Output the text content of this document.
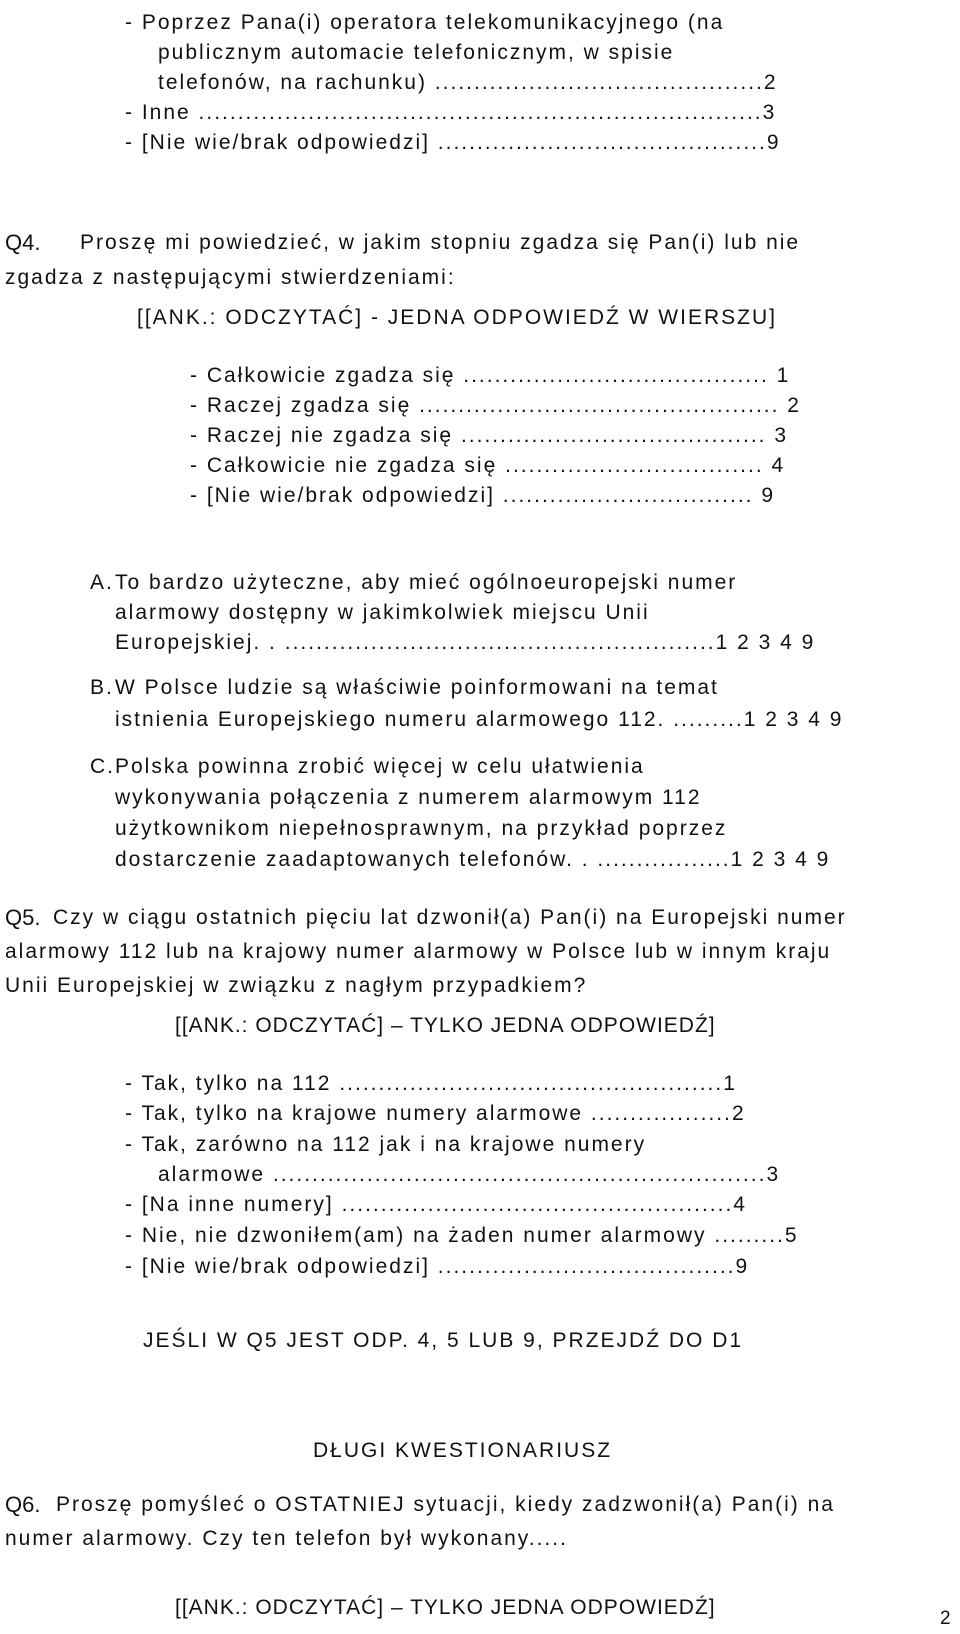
- Poprzez Pana(i) operatora telekomunikacyjnego (na
publicznym automacie telefonicznym, w spisie
telefonów, na rachunku) ..........................................2
- Inne ........................................................................3
- [Nie wie/brak odpowiedzi] ..........................................9
Q4. Proszę mi powiedzieć, w jakim stopniu zgadza się Pan(i) lub nie
zgadza z następującymi stwierdzeniami:
[[ANK.: ODCZYTAĆ] - JEDNA ODPOWIEDŹ W WIERSZU]
- Całkowicie zgadza się ....................................... 1
- Raczej zgadza się .............................................. 2
- Raczej nie zgadza się ....................................... 3
- Całkowicie nie zgadza się ................................. 4
- [Nie wie/brak odpowiedzi] ................................ 9
A. To bardzo użyteczne, aby mieć ogólnoeuropejski numer
alarmowy dostępny w jakimkolwiek miejscu Unii
Europejskiej. . .......................................................1 2 3 4 9
B. W Polsce ludzie są właściwie poinformowani na temat
istnienia Europejskiego numeru alarmowego 112. .........1 2 3 4 9
C. Polska powinna zrobić więcej w celu ułatwienia
wykonywania połączenia z numerem alarmowym 112
użytkownikom niepełnosprawnym, na przykład poprzez
dostarczenie zaadaptowanych telefonów. . .................1 2 3 4 9
Q5. Czy w ciągu ostatnich pięciu lat dzwonił(a) Pan(i) na Europejski numer
alarmowy 112 lub na krajowy numer alarmowy w Polsce lub w innym kraju
Unii Europejskiej w związku z nagłym przypadkiem?
[[ANK.: ODCZYTAĆ] – TYLKO JEDNA ODPOWIEDŹ]
- Tak, tylko na 112 .................................................1
- Tak, tylko na krajowe numery alarmowe ..................2
- Tak, zarówno na 112 jak i na krajowe numery
alarmowe ...............................................................3
- [Na inne numery] ..................................................4
- Nie, nie dzwoniłem(am) na żaden numer alarmowy .........5
- [Nie wie/brak odpowiedzi] ......................................9
JEŚLI W Q5 JEST ODP. 4, 5 LUB 9, PRZEJDŹ DO D1
DŁUGI KWESTIONARIUSZ
Q6. Proszę pomyśleć o OSTATNIEJ sytuacji, kiedy zadzwonił(a) Pan(i) na
numer alarmowy. Czy ten telefon był wykonany.....
[[ANK.: ODCZYTAĆ] – TYLKO JEDNA ODPOWIEDŹ]	2
